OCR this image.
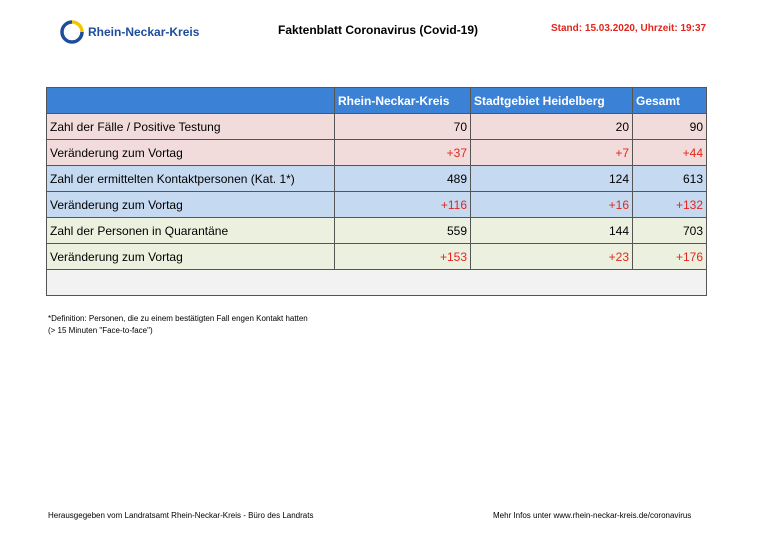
Rhein-Neckar-Kreis	Faktenblatt Coronavirus (Covid-19)	Stand: 15.03.2020, Uhrzeit: 19:37
	Rhein-Neckar-Kreis	Stadtgebiet Heidelberg	Gesamt
Zahl der Fälle / Positive Testung	70	20	90
Veränderung zum Vortag	+37	+7	+44
Zahl der ermittelten Kontaktpersonen (Kat. 1*)	489	124	613
Veränderung zum Vortag	+116	+16	+132
Zahl der Personen in Quarantäne	559	144	703
Veränderung zum Vortag	+153	+23	+176

*Definition: Personen, die zu einem bestätigten Fall engen Kontakt hatten
(> 15 Minuten "Face-to-face")
Herausgegeben vom Landratsamt Rhein-Neckar-Kreis - Büro des Landrats	Mehr Infos unter www.rhein-neckar-kreis.de/coronavirus
